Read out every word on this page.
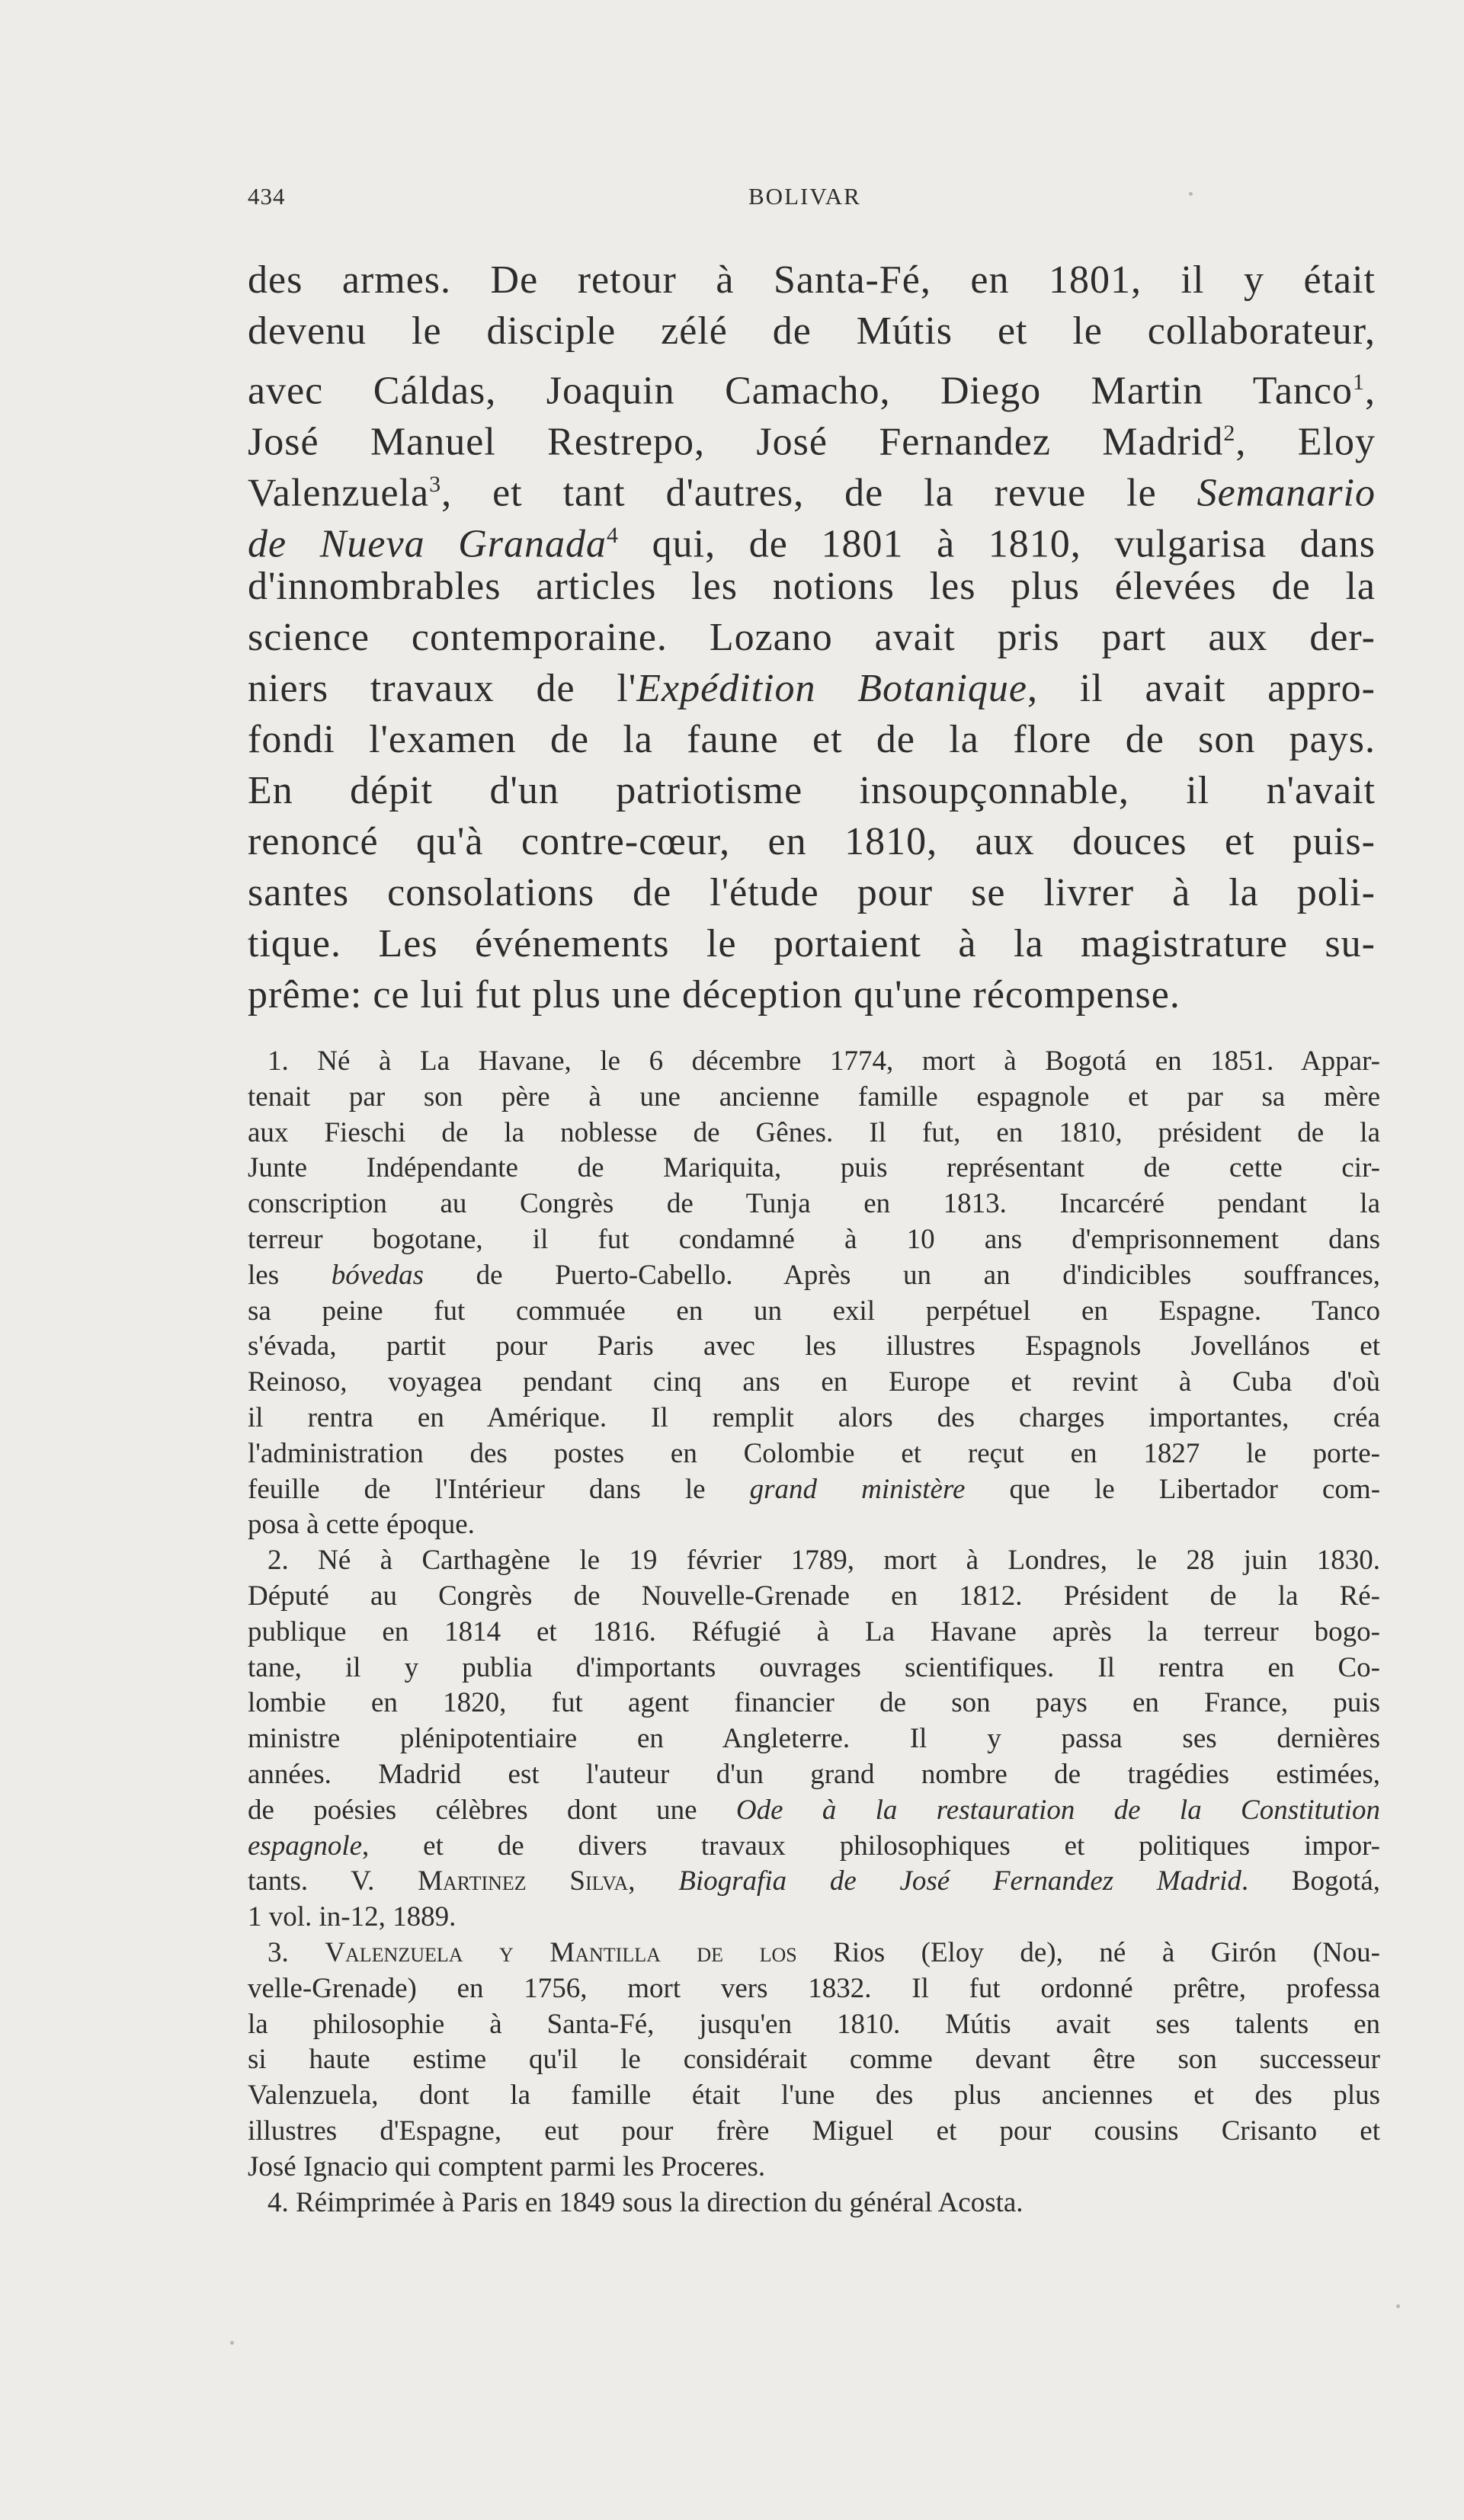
434	BOLIVAR
des armes. De retour à Santa-Fé, en 1801, il y était
devenu le disciple zélé de Mútis et le collaborateur,
avec Cáldas, Joaquin Camacho, Diego Martin Tanco$^1$,
José Manuel Restrepo, José Fernandez Madrid$^2$, Eloy
Valenzuela$^3$, et tant d'autres, de la revue le Semanario
de Nueva Granada$^4$ qui, de 1801 à 1810, vulgarisa dans
d'innombrables articles les notions les plus élevées de la
science contemporaine. Lozano avait pris part aux der-
niers travaux de l'Expédition Botanique, il avait appro-
fondi l'examen de la faune et de la flore de son pays.
En dépit d'un patriotisme insoupçonnable, il n'avait
renoncé qu'à contre-cœur, en 1810, aux douces et puis-
santes consolations de l'étude pour se livrer à la poli-
tique. Les événements le portaient à la magistrature su-
prême: ce lui fut plus une déception qu'une récompense.
1. Né à La Havane, le 6 décembre 1774, mort à Bogotá en 1851. Appar-
tenait par son père à une ancienne famille espagnole et par sa mère
aux Fieschi de la noblesse de Gênes. Il fut, en 1810, président de la
Junte Indépendante de Mariquita, puis représentant de cette cir-
conscription au Congrès de Tunja en 1813. Incarcéré pendant la
terreur bogotane, il fut condamné à 10 ans d'emprisonnement dans
les bóvedas de Puerto-Cabello. Après un an d'indicibles souffrances,
sa peine fut commuée en un exil perpétuel en Espagne. Tanco
s'évada, partit pour Paris avec les illustres Espagnols Jovellános et
Reinoso, voyagea pendant cinq ans en Europe et revint à Cuba d'où
il rentra en Amérique. Il remplit alors des charges importantes, créa
l'administration des postes en Colombie et reçut en 1827 le porte-
feuille de l'Intérieur dans le grand ministère que le Libertador com-
posa à cette époque.
2. Né à Carthagène le 19 février 1789, mort à Londres, le 28 juin 1830.
Député au Congrès de Nouvelle-Grenade en 1812. Président de la Ré-
publique en 1814 et 1816. Réfugié à La Havane après la terreur bogo-
tane, il y publia d'importants ouvrages scientifiques. Il rentra en Co-
lombie en 1820, fut agent financier de son pays en France, puis
ministre plénipotentiaire en Angleterre. Il y passa ses dernières
années. Madrid est l'auteur d'un grand nombre de tragédies estimées,
de poésies célèbres dont une Ode à la restauration de la Constitution
espagnole, et de divers travaux philosophiques et politiques impor-
tants. V. Martinez Silva, Biografia de José Fernandez Madrid. Bogotá,
1 vol. in-12, 1889.
3. Valenzuela y Mantilla de los Rios (Eloy de), né à Girón (Nou-
velle-Grenade) en 1756, mort vers 1832. Il fut ordonné prêtre, professa
la philosophie à Santa-Fé, jusqu'en 1810. Mútis avait ses talents en
si haute estime qu'il le considérait comme devant être son successeur
Valenzuela, dont la famille était l'une des plus anciennes et des plus
illustres d'Espagne, eut pour frère Miguel et pour cousins Crisanto et
José Ignacio qui comptent parmi les Proceres.
4. Réimprimée à Paris en 1849 sous la direction du général Acosta.
